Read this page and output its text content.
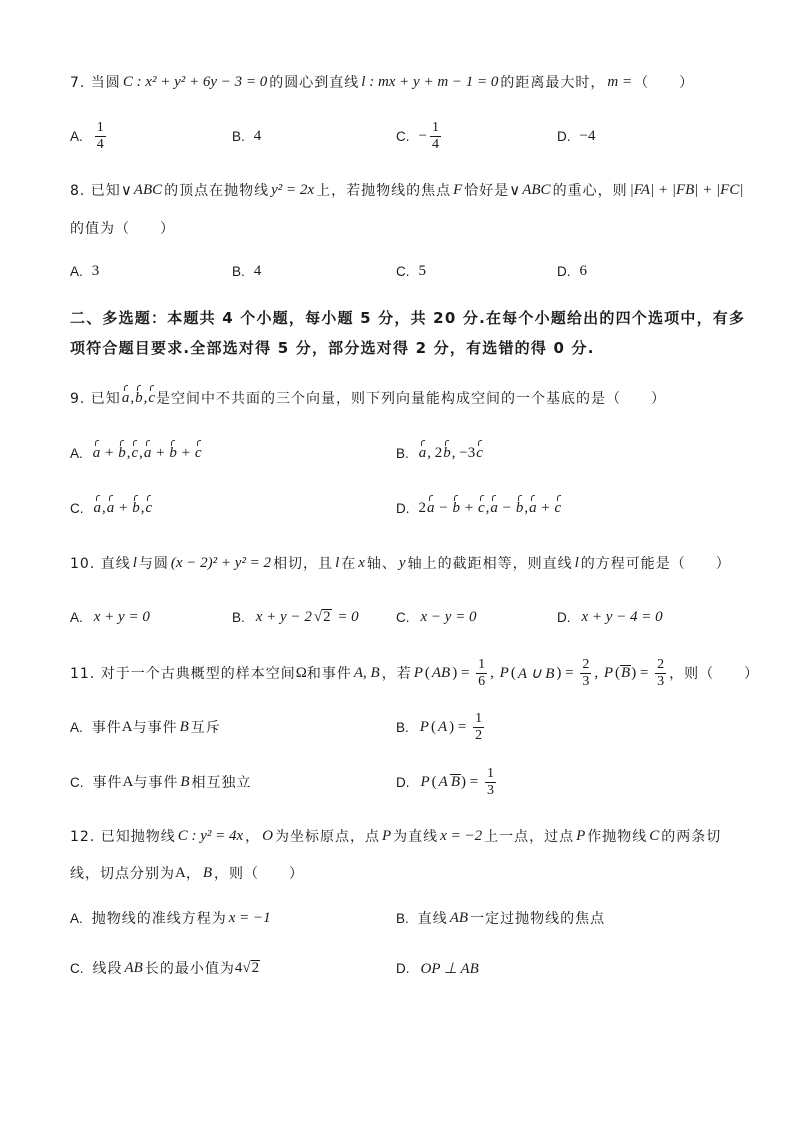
7. 当圆 C : x² + y² + 6y − 3 = 0 的圆心到直线 l : mx + y + m − 1 = 0 的距离最大时， m = （　　）
A. $\frac{1}{4}$	B. 4	C. − $\frac{1}{4}$	D. −4
8. 已知 ∨ ABC 的顶点在抛物线 y² = 2x 上，若抛物线的焦点 F 恰好是 ∨ ABC 的重心，则 |FA| + |FB| + |FC|
的值为（　　）
A. 3	B. 4	C. 5	D. 6
二、多选题：本题共 4 个小题，每小题 5 分，共 20 分.在每个小题给出的四个选项中，有多
项符合题目要求.全部选对得 5 分，部分选对得 2 分，有选错的得 0 分.
9. 已知 a , b , c 是空间中不共面的三个向量，则下列向量能构成空间的一个基底的是（　　）
A. a + b , c , a + b + c	B. a , 2 b , −3 c
C. a , a + b , c	D. 2 a − b + c , a − b , a + c
10. 直线 l 与圆 (x − 2)² + y² = 2 相切，且 l 在 x 轴、 y 轴上的截距相等，则直线 l 的方程可能是（　　）
A. x + y = 0	B. x + y − 2 √ 2 = 0	C. x − y = 0	D. x + y − 4 = 0
11. 对于一个古典概型的样本空间 Ω 和事件 A, B ，若 P ( AB ) = $\frac{1}{6}$ , P ( A ∪ B ) = $\frac{2}{3}$ , P ( B ) = $\frac{2}{3}$ ，则（　　）
A. 事件 A 与事件 B 互斥	B. P ( A ) = $\frac{1}{2}$
C. 事件 A 与事件 B 相互独立	D. P ( A B ) = $\frac{1}{3}$
12. 已知抛物线 C : y² = 4x ， O 为坐标原点，点 P 为直线 x = −2 上一点，过点 P 作抛物线 C 的两条切
线，切点分别为 A ， B ，则（　　）
A. 抛物线的准线方程为 x = −1	B. 直线 AB 一定过抛物线的焦点
C. 线段 AB 长的最小值为 4 √ 2	D. OP ⊥ AB
